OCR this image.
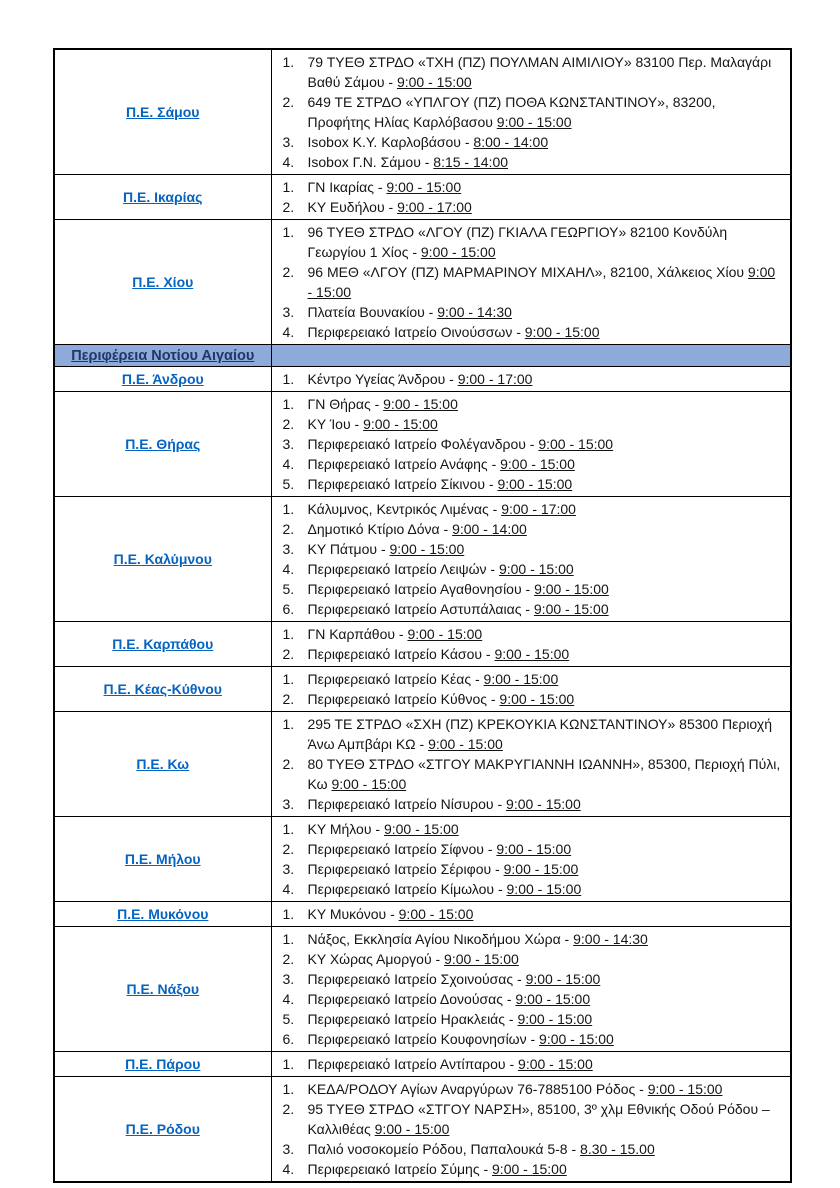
Π.Ε. Σάμου	
79 ΤΥΕΘ ΣΤΡΔΟ «ΤΧΗ (ΠΖ) ΠΟΥΛΜΑΝ ΑΙΜΙΛΙΟΥ» 83100 Περ. Μαλαγάρι Βαθύ Σάμου - 9:00 - 15:00
649 ΤΕ ΣΤΡΔΟ «ΥΠΛΓΟΥ (ΠΖ) ΠΟΘΑ ΚΩΝΣΤΑΝΤΙΝΟΥ», 83200, Προφήτης Ηλίας Καρλόβασου 9:00 - 15:00
Isobox Κ.Υ. Καρλοβάσου - 8:00 - 14:00
Isobox Γ.Ν. Σάμου - 8:15 - 14:00

Π.Ε. Ικαρίας	
ΓΝ Ικαρίας - 9:00 - 15:00
ΚΥ Ευδήλου - 9:00 - 17:00

Π.Ε. Χίου	
96 ΤΥΕΘ ΣΤΡΔΟ «ΛΓΟΥ (ΠΖ) ΓΚΙΑΛΑ ΓΕΩΡΓΙΟΥ» 82100 Κονδύλη Γεωργίου 1 Χίος - 9:00 - 15:00
96 ΜΕΘ «ΛΓΟΥ (ΠΖ) ΜΑΡΜΑΡΙΝΟΥ ΜΙΧΑΗΛ», 82100, Χάλκειος Χίου 9:00 - 15:00
Πλατεία Βουνακίου - 9:00 - 14:30
Περιφερειακό Ιατρείο Οινούσσων - 9:00 - 15:00

Περιφέρεια Νοτίου Αιγαίου	
Π.Ε. Άνδρου	Κέντρο Υγείας Άνδρου - 9:00 - 17:00

Π.Ε. Θήρας	
ΓΝ Θήρας - 9:00 - 15:00
ΚΥ Ίου - 9:00 - 15:00
Περιφερειακό Ιατρείο Φολέγανδρου - 9:00 - 15:00
Περιφερειακό Ιατρείο Ανάφης - 9:00 - 15:00
Περιφερειακό Ιατρείο Σίκινου - 9:00 - 15:00

Π.Ε. Καλύμνου	
Κάλυμνος, Κεντρικός Λιμένας - 9:00 - 17:00
Δημοτικό Κτίριο Δόνα - 9:00 - 14:00
ΚΥ Πάτμου - 9:00 - 15:00
Περιφερειακό Ιατρείο Λειψών - 9:00 - 15:00
Περιφερειακό Ιατρείο Αγαθονησίου - 9:00 - 15:00
Περιφερειακό Ιατρείο Αστυπάλαιας - 9:00 - 15:00

Π.Ε. Καρπάθου	
ΓΝ Καρπάθου - 9:00 - 15:00
Περιφερειακό Ιατρείο Κάσου - 9:00 - 15:00

Π.Ε. Κέας-Κύθνου	
Περιφερειακό Ιατρείο Κέας - 9:00 - 15:00
Περιφερειακό Ιατρείο Κύθνος - 9:00 - 15:00

Π.Ε. Κω	
295 ΤΕ ΣΤΡΔΟ «ΣΧΗ (ΠΖ) ΚΡΕΚΟΥΚΙΑ ΚΩΝΣΤΑΝΤΙΝΟΥ» 85300 Περιοχή Άνω Αμπβάρι ΚΩ - 9:00 - 15:00
80 ΤΥΕΘ ΣΤΡΔΟ «ΣΤΓΟΥ ΜΑΚΡΥΓΙΑΝΝΗ ΙΩΑΝΝΗ», 85300, Περιοχή Πύλι, Κω 9:00 - 15:00
Περιφερειακό Ιατρείο Νίσυρου - 9:00 - 15:00

Π.Ε. Μήλου	
ΚΥ Μήλου - 9:00 - 15:00
Περιφερειακό Ιατρείο Σίφνου - 9:00 - 15:00
Περιφερειακό Ιατρείο Σέριφου - 9:00 - 15:00
Περιφερειακό Ιατρείο Κίμωλου - 9:00 - 15:00

Π.Ε. Μυκόνου	ΚΥ Μυκόνου - 9:00 - 15:00

Π.Ε. Νάξου	
Νάξος, Εκκλησία Αγίου Νικοδήμου Χώρα - 9:00 - 14:30
ΚΥ Χώρας Αμοργού - 9:00 - 15:00
Περιφερειακό Ιατρείο Σχοινούσας - 9:00 - 15:00
Περιφερειακό Ιατρείο Δονούσας - 9:00 - 15:00
Περιφερειακό Ιατρείο Ηρακλειάς - 9:00 - 15:00
Περιφερειακό Ιατρείο Κουφονησίων - 9:00 - 15:00

Π.Ε. Πάρου	Περιφερειακό Ιατρείο Αντίπαρου - 9:00 - 15:00

Π.Ε. Ρόδου	
ΚΕΔΑ/ΡΟΔΟΥ Αγίων Αναργύρων 76-7885100 Ρόδος - 9:00 - 15:00
95 ΤΥΕΘ ΣΤΡΔΟ «ΣΤΓΟΥ ΝΑΡΣΗ», 85100, 3º χλμ Εθνικής Οδού Ρόδου – Καλλιθέας 9:00 - 15:00
Παλιό νοσοκομείο Ρόδου, Παπαλουκά 5-8 - 8.30 - 15.00
Περιφερειακό Ιατρείο Σύμης - 9:00 - 15:00
